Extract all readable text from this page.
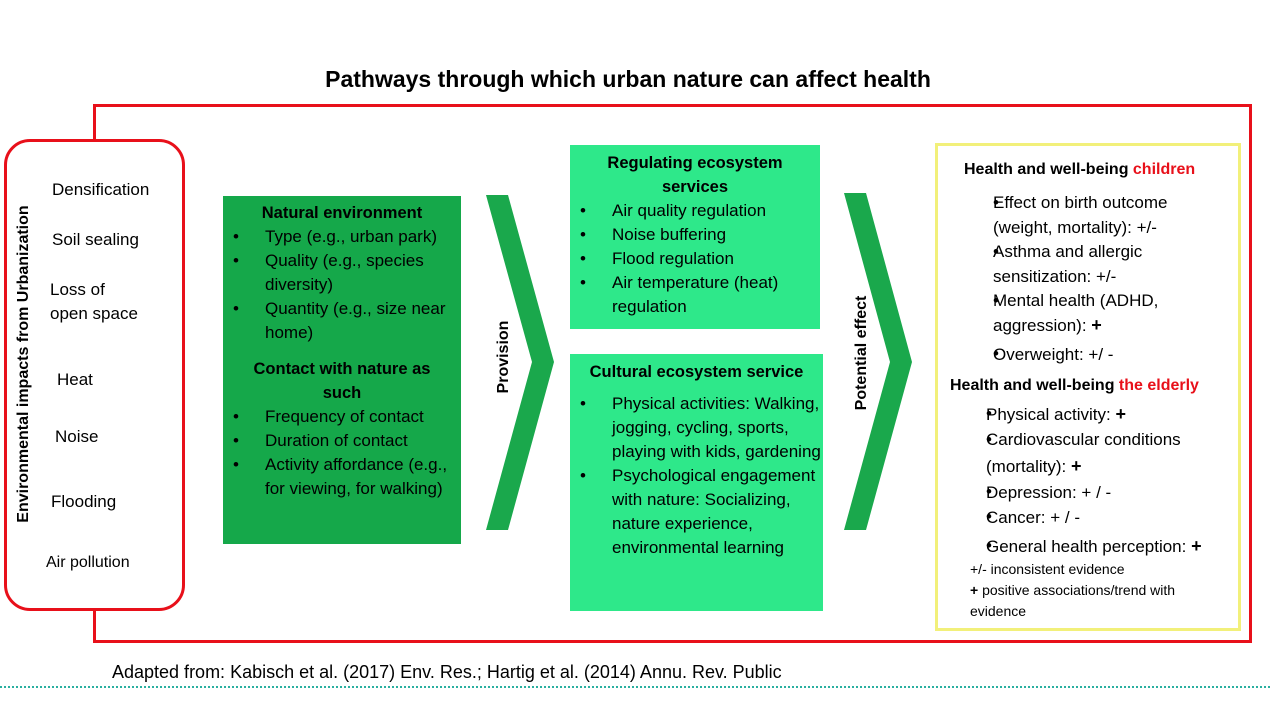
Pathways through which urban nature can affect health
Environmental impacts from Urbanization
Densification
Soil sealing
Loss of
open space
Heat
Noise
Flooding
Air pollution
Natural environment
• Type (e.g., urban park)
• Quality (e.g., species diversity)
• Quantity (e.g., size near home)
Contact with nature as such
• Frequency of contact
• Duration of contact
• Activity affordance (e.g., for viewing, for walking)
Provision
Regulating ecosystem services
• Air quality regulation
• Noise buffering
• Flood regulation
• Air temperature (heat) regulation
Cultural ecosystem service
• Physical activities: Walking, jogging, cycling, sports, playing with kids, gardening
• Psychological engagement with nature: Socializing, nature experience, environmental learning
Potential effect
Health and well-being children
• Effect on birth outcome (weight, mortality): +/-
• Asthma and allergic sensitization: +/-
• Mental health (ADHD, aggression): +
• Overweight: +/ -
Health and well-being the elderly
• Physical activity: +
• Cardiovascular conditions (mortality): +
• Depression: + / -
• Cancer: + / -
• General health perception: +
+/- inconsistent evidence
+ positive associations/trend with evidence
Adapted from: Kabisch et al. (2017) Env. Res.; Hartig et al. (2014) Annu. Rev. Public
